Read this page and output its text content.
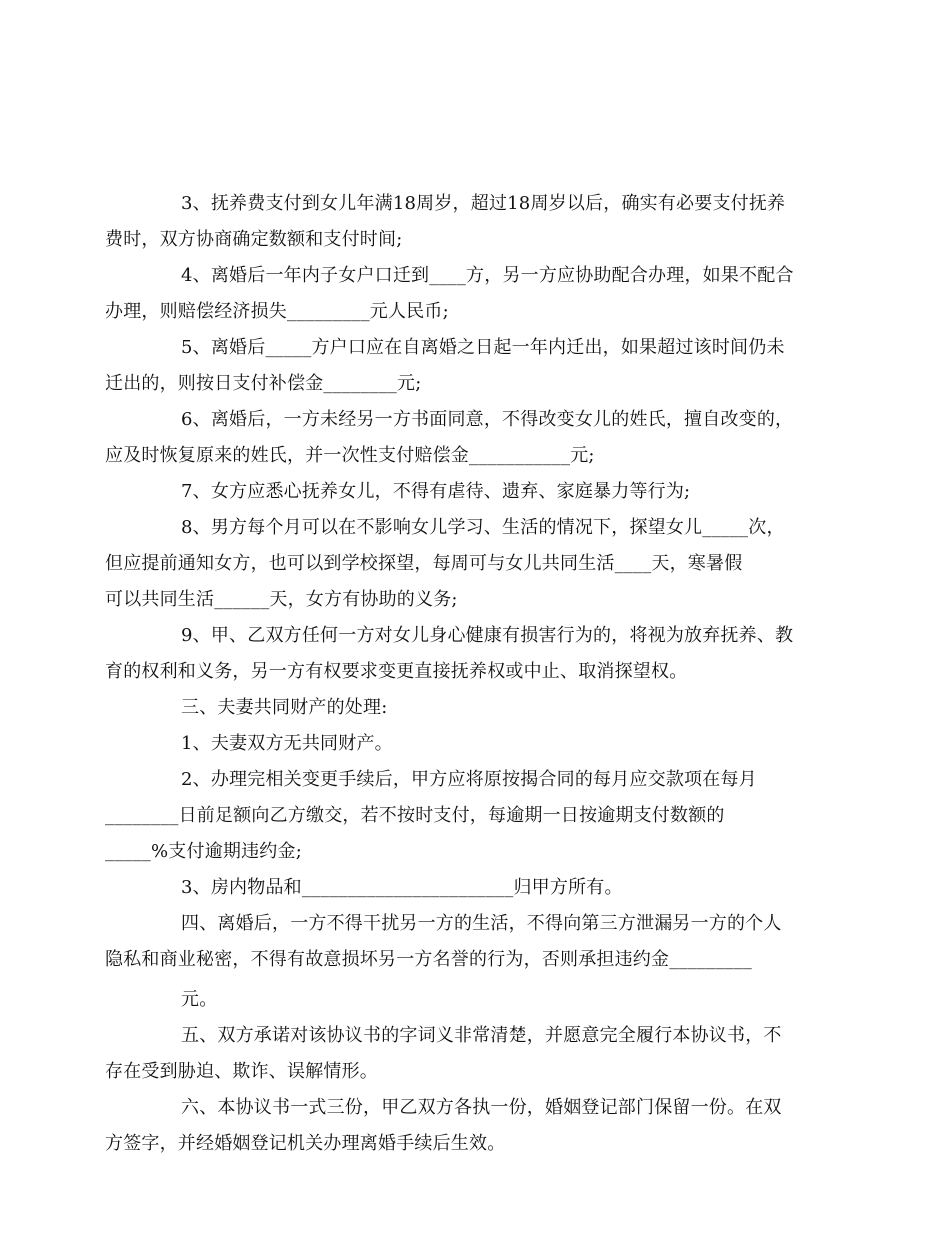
3、抚养费支付到女儿年满18周岁，超过18周岁以后，确实有必要支付抚养
费时，双方协商确定数额和支付时间;

4、离婚后一年内子女户口迁到____方，另一方应协助配合办理，如果不配合
办理，则赔偿经济损失_________元人民币;

5、离婚后_____方户口应在自离婚之日起一年内迁出，如果超过该时间仍未
迁出的，则按日支付补偿金________元;

6、离婚后，一方未经另一方书面同意，不得改变女儿的姓氏，擅自改变的，
应及时恢复原来的姓氏，并一次性支付赔偿金___________元;

7、女方应悉心抚养女儿，不得有虐待、遗弃、家庭暴力等行为;

8、男方每个月可以在不影响女儿学习、生活的情况下，探望女儿_____次，
但应提前通知女方，也可以到学校探望，每周可与女儿共同生活____天，寒暑假
可以共同生活______天，女方有协助的义务;

9、甲、乙双方任何一方对女儿身心健康有损害行为的，将视为放弃抚养、教
育的权利和义务，另一方有权要求变更直接抚养权或中止、取消探望权。

三、夫妻共同财产的处理:

1、夫妻双方无共同财产。

2、办理完相关变更手续后，甲方应将原按揭合同的每月应交款项在每月
________日前足额向乙方缴交，若不按时支付，每逾期一日按逾期支付数额的
_____%支付逾期违约金;

3、房内物品和_______________________归甲方所有。

四、离婚后，一方不得干扰另一方的生活，不得向第三方泄漏另一方的个人
隐私和商业秘密，不得有故意损坏另一方名誉的行为，否则承担违约金_________

元。

五、双方承诺对该协议书的字词义非常清楚，并愿意完全履行本协议书，不
存在受到胁迫、欺诈、误解情形。

六、本协议书一式三份，甲乙双方各执一份，婚姻登记部门保留一份。在双
方签字，并经婚姻登记机关办理离婚手续后生效。
